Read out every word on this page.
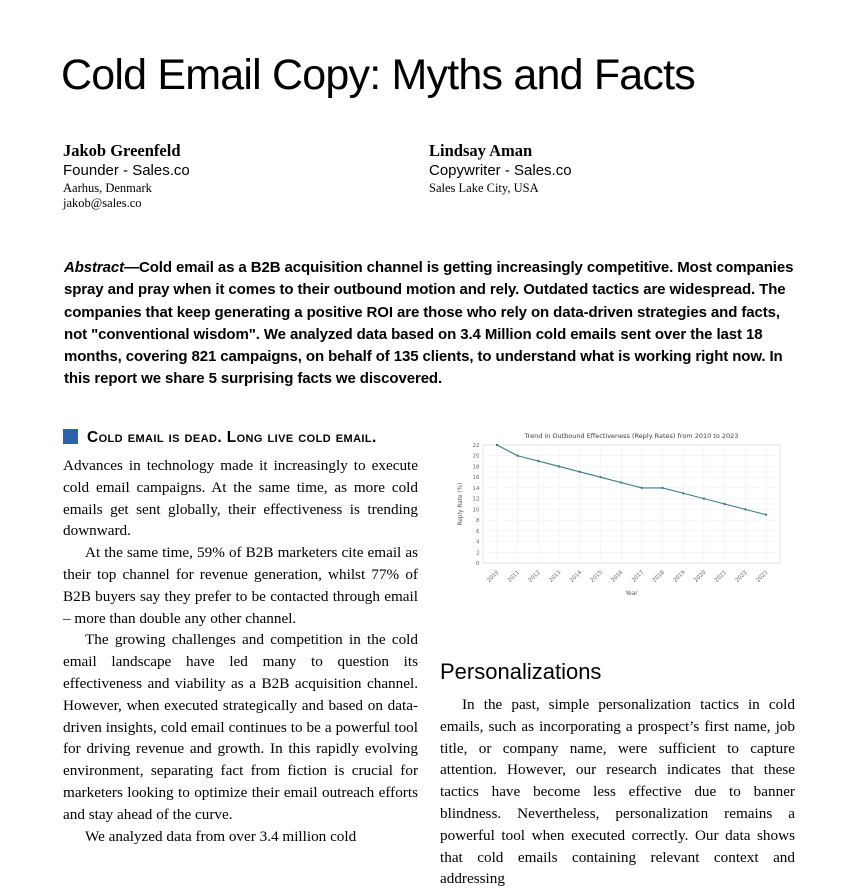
Cold Email Copy: Myths and Facts
Jakob Greenfeld
Founder - Sales.co
Aarhus, Denmark
jakob@sales.co
Lindsay Aman
Copywriter - Sales.co
Sales Lake City, USA

Abstract—Cold email as a B2B acquisition channel is getting increasingly competitive. Most companies spray and pray when it comes to their outbound motion and rely. Outdated tactics are widespread. The companies that keep generating a positive ROI are those who rely on data-driven strategies and facts, not "conventional wisdom". We analyzed data based on 3.4 Million cold emails sent over the last 18 months, covering 821 campaigns, on behalf of 135 clients, to understand what is working right now. In this report we share 5 surprising facts we discovered.

Cold email is dead. Long live cold email.

Advances in technology made it increasingly to execute cold email campaigns. At the same time, as more cold emails get sent globally, their effectiveness is trending downward.

At the same time, 59% of B2B marketers cite email as their top channel for revenue generation, whilst 77% of B2B buyers say they prefer to be contacted through email – more than double any other channel.

The growing challenges and competition in the cold email landscape have led many to question its effectiveness and viability as a B2B acquisition channel. However, when executed strategically and based on data-driven insights, cold email continues to be a powerful tool for driving revenue and growth. In this rapidly evolving environment, separating fact from fiction is crucial for marketers looking to optimize their email outreach efforts and stay ahead of the curve.

We analyzed data from over 3.4 million cold

0
2
4
6
8
10
12
14
16
18
20
22
2010 2011 2012 2013 2014 2015 2016 2017 2018 2019 2020 2021 2022 2023
Trend in Outbound Effectiveness (Reply Rates) from 2010 to 2023
Year
Reply Rate (%)
Personalizations

In the past, simple personalization tactics in cold emails, such as incorporating a prospect’s first name, job title, or company name, were sufficient to capture attention. However, our research indicates that these tactics have become less effective due to banner blindness. Nevertheless, personalization remains a powerful tool when executed correctly. Our data shows that cold emails containing relevant context and addressing
